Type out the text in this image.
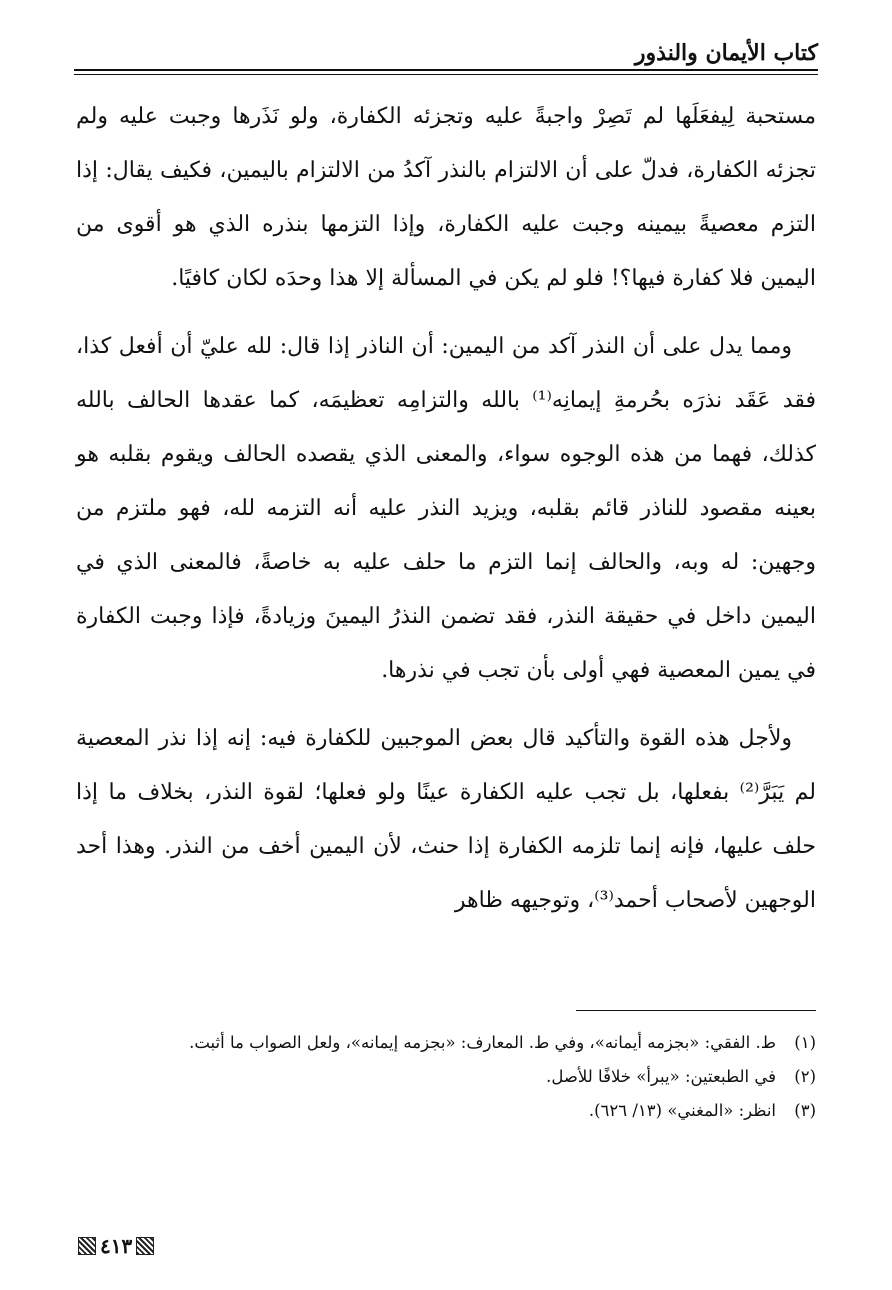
كتاب الأيمان والنذور

مستحبة لِيفعَلَها لم تَصِرْ واجبةً عليه وتجزئه الكفارة، ولو نَذَرها وجبت عليه ولم تجزئه الكفارة، فدلّ على أن الالتزام بالنذر آكدُ من الالتزام باليمين، فكيف يقال: إذا التزم معصيةً بيمينه وجبت عليه الكفارة، وإذا التزمها بنذره الذي هو أقوى من اليمين فلا كفارة فيها؟! فلو لم يكن في المسألة إلا هذا وحدَه لكان كافيًا.

ومما يدل على أن النذر آكد من اليمين: أن الناذر إذا قال: لله عليّ أن أفعل كذا، فقد عَقَد نذرَه بحُرمةِ إيمانِه⁽¹⁾ بالله والتزامِه تعظيمَه، كما عقدها الحالف بالله كذلك، فهما من هذه الوجوه سواء، والمعنى الذي يقصده الحالف ويقوم بقلبه هو بعينه مقصود للناذر قائم بقلبه، ويزيد النذر عليه أنه التزمه لله، فهو ملتزم من وجهين: له وبه، والحالف إنما التزم ما حلف عليه به خاصةً، فالمعنى الذي في اليمين داخل في حقيقة النذر، فقد تضمن النذرُ اليمينَ وزيادةً، فإذا وجبت الكفارة في يمين المعصية فهي أولى بأن تجب في نذرها.

ولأجل هذه القوة والتأكيد قال بعض الموجبين للكفارة فيه: إنه إذا نذر المعصية لم يَبَرَّ⁽²⁾ بفعلها، بل تجب عليه الكفارة عينًا ولو فعلها؛ لقوة النذر، بخلاف ما إذا حلف عليها، فإنه إنما تلزمه الكفارة إذا حنث، لأن اليمين أخف من النذر. وهذا أحد الوجهين لأصحاب أحمد⁽³⁾، وتوجيهه ظاهر

(١)
ط. الفقي: «بجزمه أيمانه»، وفي ط. المعارف: «بجزمه إيمانه»، ولعل الصواب ما أثبت.
(٢)
في الطبعتين: «يبرأ» خلافًا للأصل.
(٣)
انظر: «المغني» (١٣/ ٦٢٦).
٤١٣
